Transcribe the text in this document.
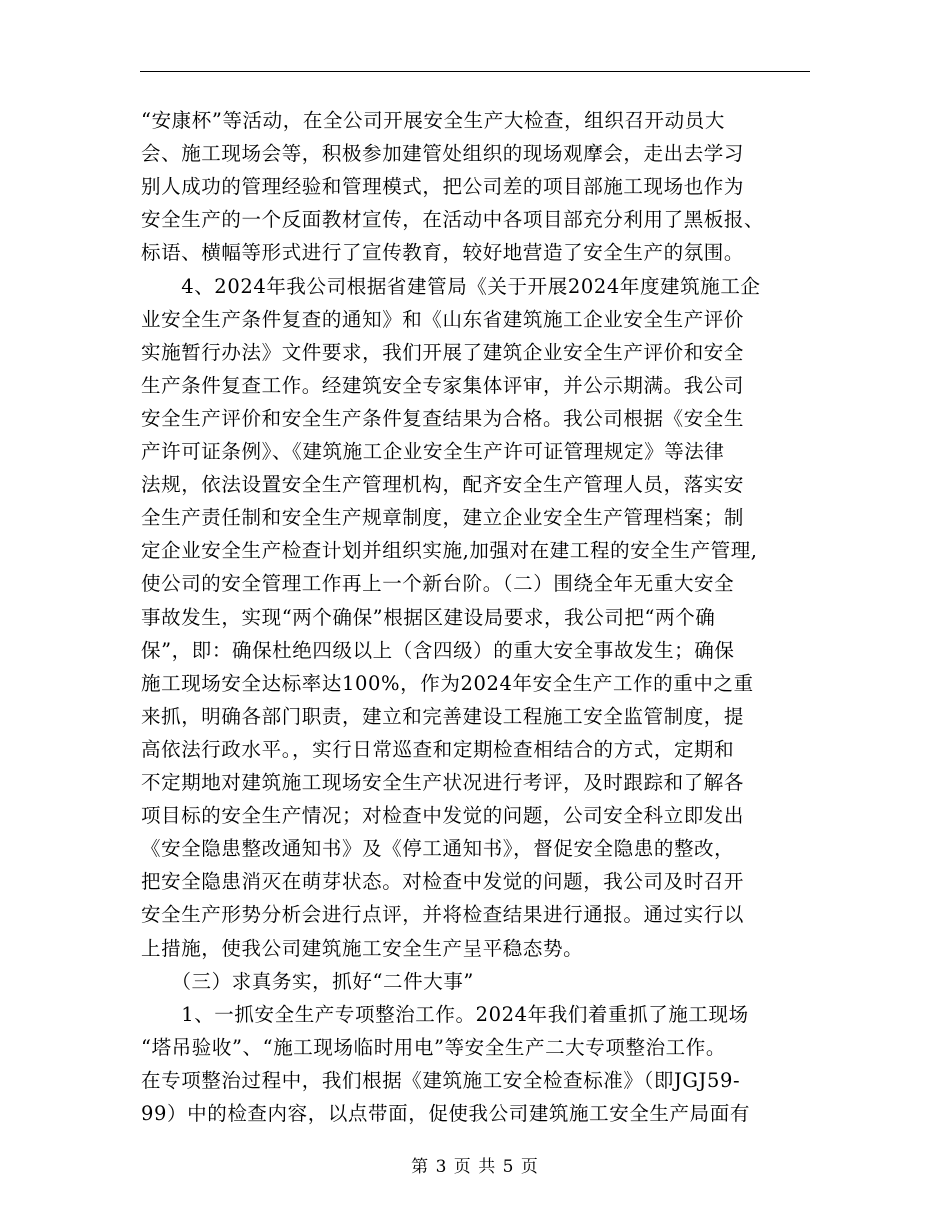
“安康杯”等活动，在全公司开展安全生产大检查，组织召开动员大
会、施工现场会等，积极参加建管处组织的现场观摩会，走出去学习
别人成功的管理经验和管理模式，把公司差的项目部施工现场也作为
安全生产的一个反面教材宣传，在活动中各项目部充分利用了黑板报、
标语、横幅等形式进行了宣传教育，较好地营造了安全生产的氛围。
　　4、2024年我公司根据省建管局《关于开展2024年度建筑施工企
业安全生产条件复查的通知》和《山东省建筑施工企业安全生产评价
实施暂行办法》文件要求，我们开展了建筑企业安全生产评价和安全
生产条件复查工作。经建筑安全专家集体评审，并公示期满。我公司
安全生产评价和安全生产条件复查结果为合格。我公司根据《安全生
产许可证条例》、《建筑施工企业安全生产许可证管理规定》等法律
法规，依法设置安全生产管理机构，配齐安全生产管理人员，落实安
全生产责任制和安全生产规章制度，建立企业安全生产管理档案；制
定企业安全生产检查计划并组织实施,加强对在建工程的安全生产管理,
使公司的安全管理工作再上一个新台阶。（二）围绕全年无重大安全
事故发生，实现“两个确保”根据区建设局要求，我公司把“两个确
保”，即：确保杜绝四级以上（含四级）的重大安全事故发生；确保
施工现场安全达标率达100%，作为2024年安全生产工作的重中之重
来抓，明确各部门职责，建立和完善建设工程施工安全监管制度，提
高依法行政水平。，实行日常巡查和定期检查相结合的方式，定期和
不定期地对建筑施工现场安全生产状况进行考评，及时跟踪和了解各
项目标的安全生产情况；对检查中发觉的问题，公司安全科立即发出
《安全隐患整改通知书》及《停工通知书》，督促安全隐患的整改，
把安全隐患消灭在萌芽状态。对检查中发觉的问题，我公司及时召开
安全生产形势分析会进行点评，并将检查结果进行通报。通过实行以
上措施，使我公司建筑施工安全生产呈平稳态势。
　　（三）求真务实，抓好“二件大事”
　　1、一抓安全生产专项整治工作。2024年我们着重抓了施工现场
“塔吊验收”、“施工现场临时用电”等安全生产二大专项整治工作。
在专项整治过程中，我们根据《建筑施工安全检查标准》（即JGJ59-
99）中的检查内容，以点带面，促使我公司建筑施工安全生产局面有
第 3 页 共 5 页
